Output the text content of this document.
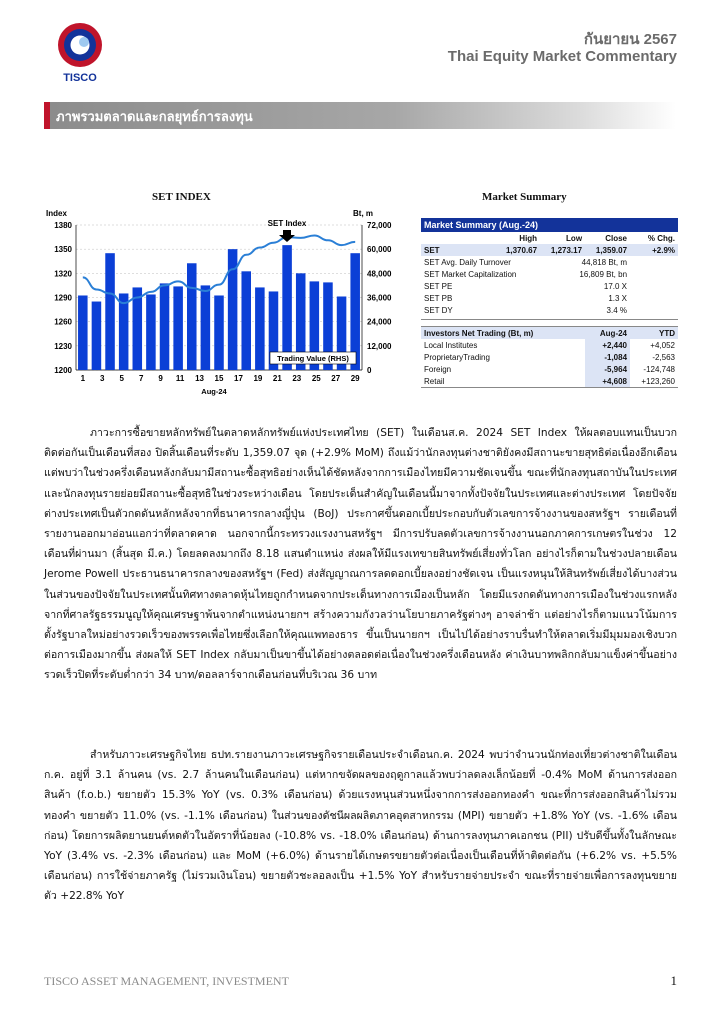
TISCO
กันยายน 2567
Thai Equity Market Commentary
ภาพรวมตลาดและกลยุทธ์การลงทุน
SET INDEX
Index	Bt, m
1200
1230
1260
1290
1320
1350
1380
0
12,000
24,000
36,000
48,000
60,000
72,000
1 3 5 7 9 11 13 15 17 19 21 23 25 27 29
SET Index
Trading Value (RHS)
Aug-24
Market Summary
Market Summary (Aug.-24)				
	High	Low	Close	% Chg.
SET	1,370.67	1,273.17	1,359.07	+2.9%
SET Avg. Daily Turnover		44,818 Bt, m		
SET Market Capitalization		16,809 Bt, bn		
SET PE		17.0 X		
SET PB		1.3 X		
SET DY		3.4 %		

Investors Net Trading (Bt, m)			Aug-24	YTD
Local Institutes			+2,440	+4,052
ProprietaryTrading			-1,084	-2,563
Foreign			-5,964	-124,748
Retail			+4,608	+123,260

ภาวะการซื้อขายหลักทรัพย์ในตลาดหลักทรัพย์แห่งประเทศไทย (SET) ในเดือนส.ค. 2024 SET Index ให้ผลตอบแทนเป็นบวกติดต่อกันเป็นเดือนที่สอง ปิดสิ้นเดือนที่ระดับ 1,359.07 จุด (+2.9% MoM) ถึงแม้ว่านักลงทุนต่างชาติยังคงมีสถานะขายสุทธิต่อเนื่องอีกเดือนแต่พบว่าในช่วงครึ่งเดือนหลังกลับมามีสถานะซื้อสุทธิอย่างเห็นได้ชัดหลังจากการเมืองไทยมีความชัดเจนขึ้น ขณะที่นักลงทุนสถาบันในประเทศและนักลงทุนรายย่อยมีสถานะซื้อสุทธิในช่วงระหว่างเดือน โดยประเด็นสำคัญในเดือนนี้มาจากทั้งปัจจัยในประเทศและต่างประเทศ โดยปัจจัยต่างประเทศเป็นตัวกดดันหลักหลังจากที่ธนาคารกลางญี่ปุ่น (BoJ) ประกาศขึ้นดอกเบี้ยประกอบกับตัวเลขการจ้างงานของสหรัฐฯ รายเดือนที่รายงานออกมาอ่อนแอกว่าที่ตลาดคาด นอกจากนี้กระทรวงแรงงานสหรัฐฯ มีการปรับลดตัวเลขการจ้างงานนอกภาคการเกษตรในช่วง 12 เดือนที่ผ่านมา (สิ้นสุด มี.ค.) โดยลดลงมากถึง 8.18 แสนตำแหน่ง ส่งผลให้มีแรงเทขายสินทรัพย์เสี่ยงทั่วโลก อย่างไรก็ตามในช่วงปลายเดือน Jerome Powell ประธานธนาคารกลางของสหรัฐฯ (Fed) ส่งสัญญาณการลดดอกเบี้ยลงอย่างชัดเจน เป็นแรงหนุนให้สินทรัพย์เสี่ยงได้บางส่วน ในส่วนของปัจจัยในประเทศนั้นทิศทางตลาดหุ้นไทยถูกกำหนดจากประเด็นทางการเมืองเป็นหลัก โดยมีแรงกดดันทางการเมืองในช่วงแรกหลังจากที่ศาลรัฐธรรมนูญให้คุณเศรษฐาพ้นจากตำแหน่งนายกฯ สร้างความกังวลว่านโยบายภาครัฐต่างๆ อาจล่าช้า แต่อย่างไรก็ตามแนวโน้มการตั้งรัฐบาลใหม่อย่างรวดเร็วของพรรคเพื่อไทยซึ่งเลือกให้คุณแพทองธาร ขึ้นเป็นนายกฯ เป็นไปได้อย่างราบรื่นทำให้ตลาดเริ่มมีมุมมองเชิงบวกต่อการเมืองมากขึ้น ส่งผลให้ SET Index กลับมาเป็นขาขึ้นได้อย่างตลอดต่อเนื่องในช่วงครึ่งเดือนหลัง ค่าเงินบาทพลิกกลับมาแข็งค่าขึ้นอย่างรวดเร็วปิดที่ระดับต่ำกว่า 34 บาท/ดอลลาร์จากเดือนก่อนที่บริเวณ 36 บาท

สำหรับภาวะเศรษฐกิจไทย ธปท.รายงานภาวะเศรษฐกิจรายเดือนประจำเดือนก.ค. 2024 พบว่าจำนวนนักท่องเที่ยวต่างชาติในเดือนก.ค. อยู่ที่ 3.1 ล้านคน (vs. 2.7 ล้านคนในเดือนก่อน) แต่หากขจัดผลของฤดูกาลแล้วพบว่าลดลงเล็กน้อยที่ -0.4% MoM ด้านการส่งออกสินค้า (f.o.b.) ขยายตัว 15.3% YoY (vs. 0.3% เดือนก่อน) ด้วยแรงหนุนส่วนหนึ่งจากการส่งออกทองคำ ขณะที่การส่งออกสินค้าไม่รวมทองคำ ขยายตัว 11.0% (vs. -1.1% เดือนก่อน) ในส่วนของดัชนีผลผลิตภาคอุตสาหกรรม (MPI) ขยายตัว +1.8% YoY (vs. -1.6% เดือนก่อน) โดยการผลิตยานยนต์หดตัวในอัตราที่น้อยลง (-10.8% vs. -18.0% เดือนก่อน) ด้านการลงทุนภาคเอกชน (PII) ปรับดีขึ้นทั้งในลักษณะ YoY (3.4% vs. -2.3% เดือนก่อน) และ MoM (+6.0%) ด้านรายได้เกษตรขยายตัวต่อเนื่องเป็นเดือนที่ห้าติดต่อกัน (+6.2% vs. +5.5% เดือนก่อน) การใช้จ่ายภาครัฐ (ไม่รวมเงินโอน) ขยายตัวชะลอลงเป็น +1.5% YoY สำหรับรายจ่ายประจำ ขณะที่รายจ่ายเพื่อการลงทุนขยายตัว +22.8% YoY

TISCO ASSET MANAGEMENT, INVESTMENT	1
